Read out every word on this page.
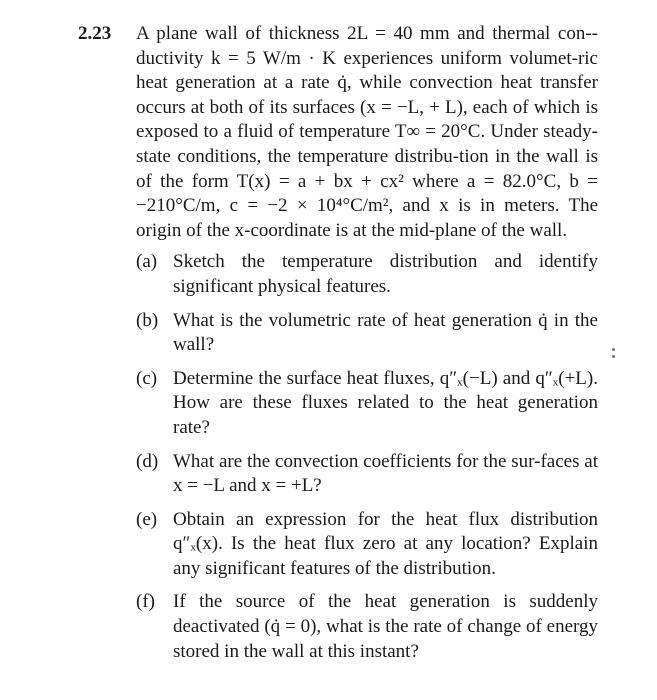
2.23 A plane wall of thickness 2L = 40 mm and thermal con-ductivity k = 5 W/m · K experiences uniform volumet-ric heat generation at a rate q̇, while convection heat transfer occurs at both of its surfaces (x = −L, + L), each of which is exposed to a fluid of temperature T∞ = 20°C. Under steady-state conditions, the temperature distribu-tion in the wall is of the form T(x) = a + bx + cx² where a = 82.0°C, b = −210°C/m, c = −2 × 10⁴°C/m², and x is in meters. The origin of the x-coordinate is at the mid-plane of the wall.
(a) Sketch the temperature distribution and identify significant physical features.
(b) What is the volumetric rate of heat generation q̇ in the wall?
(c) Determine the surface heat fluxes, q″ₓ(−L) and q″ₓ(+L). How are these fluxes related to the heat generation rate?
(d) What are the convection coefficients for the sur-faces at x = −L and x = +L?
(e) Obtain an expression for the heat flux distribution q″ₓ(x). Is the heat flux zero at any location? Explain any significant features of the distribution.
(f) If the source of the heat generation is suddenly deactivated (q̇ = 0), what is the rate of change of energy stored in the wall at this instant?
